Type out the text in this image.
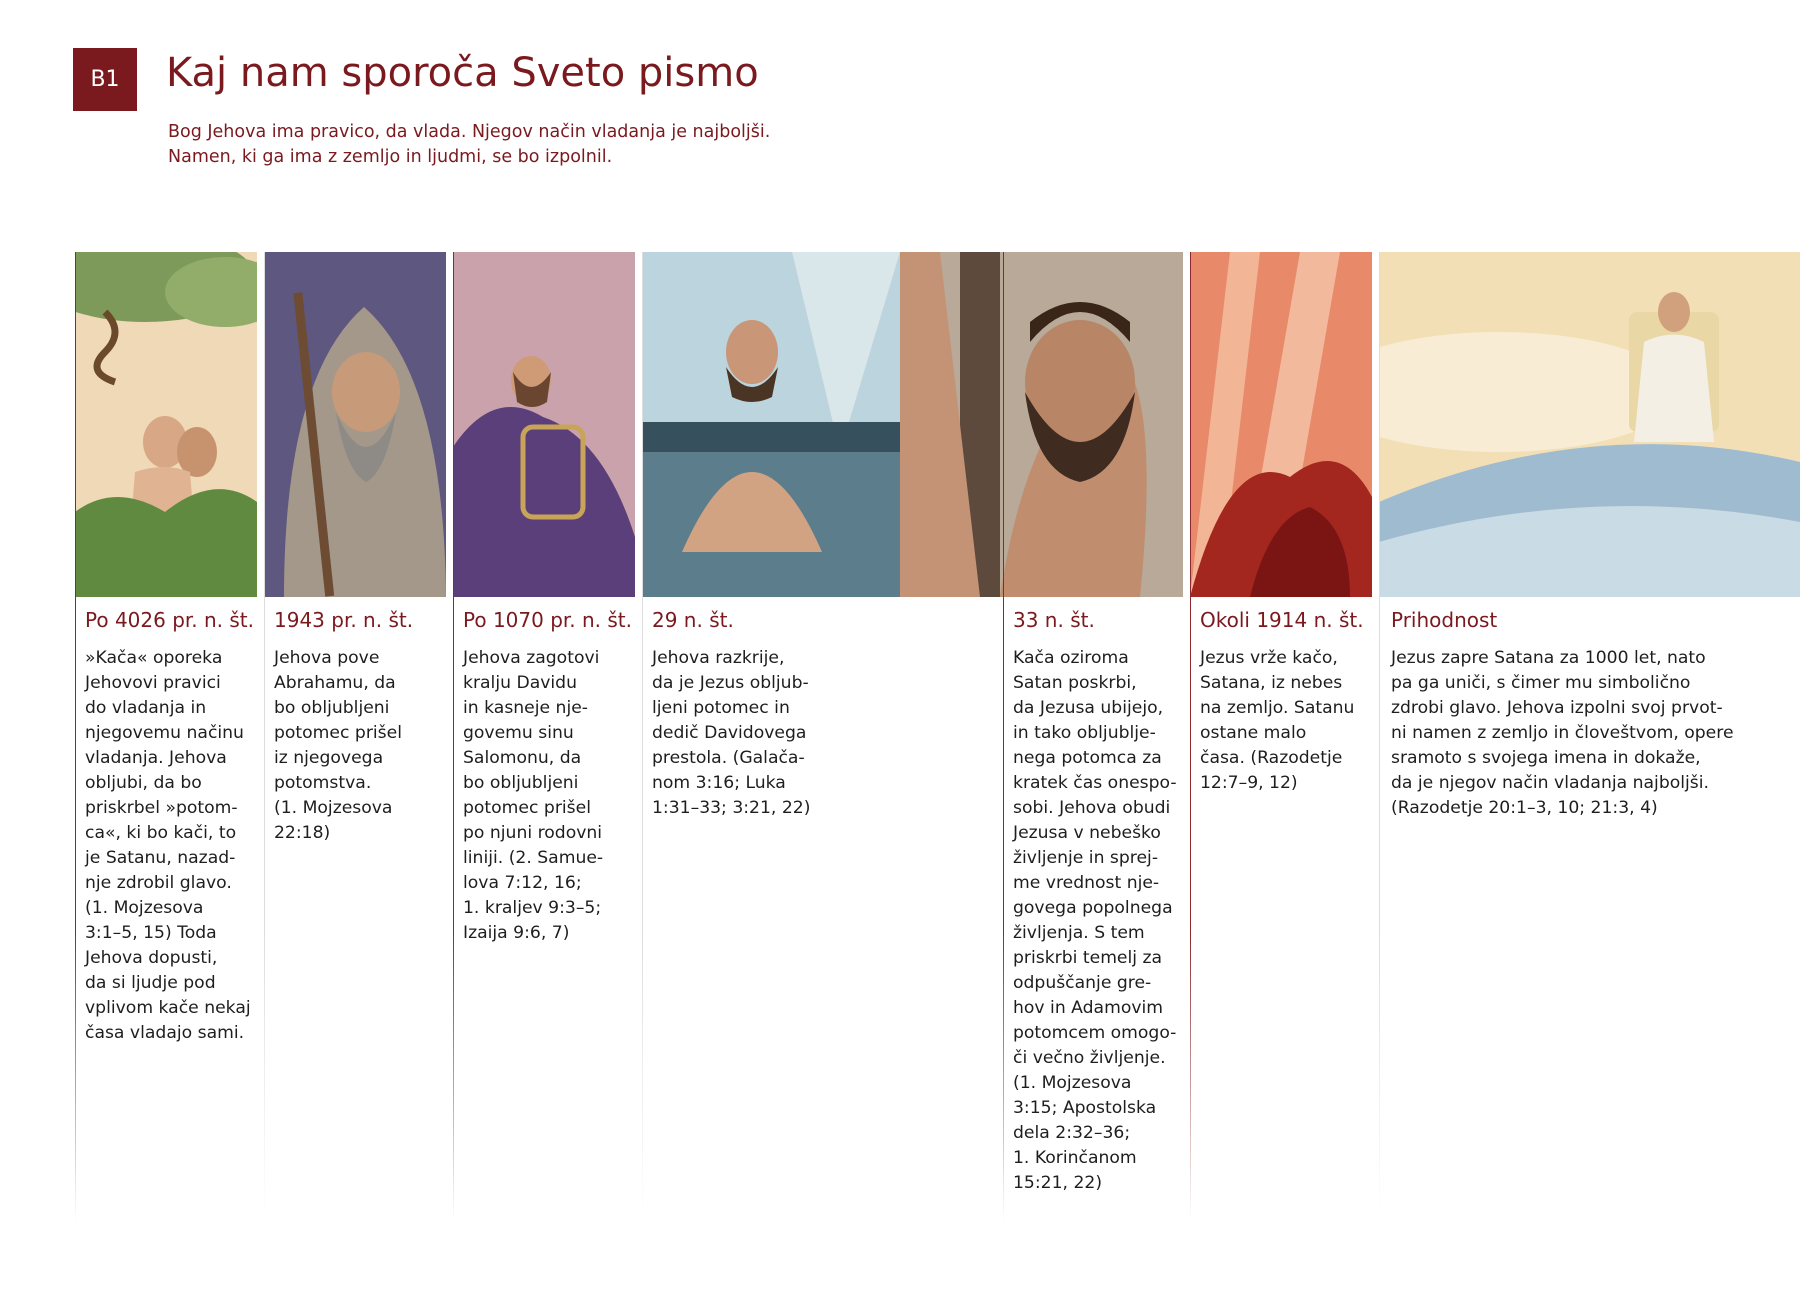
B1	Kaj nam sporoča Sveto pismo

Bog Jehova ima pravico, da vlada. Njegov način vladanja je najboljši.
Namen, ki ga ima z zemljo in ljudmi, se bo izpolnil.

Po 4026 pr. n. št.

»Kača« oporeka
Jehovovi pravici
do vladanja in
njegovemu načinu
vladanja. Jehova
obljubi, da bo
priskrbel »potom-
ca«, ki bo kači, to
je Satanu, nazad-
nje zdrobil glavo.
(1. Mojzesova
3:1–5, 15) Toda
Jehova dopusti,
da si ljudje pod
vplivom kače nekaj
časa vladajo sami.

1943 pr. n. št.

Jehova pove
Abrahamu, da
bo obljubljeni
potomec prišel
iz njegovega
potomstva.
(1. Mojzesova
22:18)

Po 1070 pr. n. št.

Jehova zagotovi
kralju Davidu
in kasneje nje-
govemu sinu
Salomonu, da
bo obljubljeni
potomec prišel
po njuni rodovni
liniji. (2. Samue-
lova 7:12, 16;
1. kraljev 9:3–5;
Izaija 9:6, 7)

29 n. št.

Jehova razkrije,
da je Jezus obljub-
ljeni potomec in
dedič Davidovega
prestola. (Galača-
nom 3:16; Luka
1:31–33; 3:21, 22)

33 n. št.

Kača oziroma
Satan poskrbi,
da Jezusa ubijejo,
in tako obljublje-
nega potomca za
kratek čas onespo-
sobi. Jehova obudi
Jezusa v nebeško
življenje in sprej-
me vrednost nje-
govega popolnega
življenja. S tem
priskrbi temelj za
odpuščanje gre-
hov in Adamovim
potomcem omogo-
či večno življenje.
(1. Mojzesova
3:15; Apostolska
dela 2:32–36;
1. Korinčanom
15:21, 22)

Okoli 1914 n. št.

Jezus vrže kačo,
Satana, iz nebes
na zemljo. Satanu
ostane malo
časa. (Razodetje
12:7–9, 12)

Prihodnost

Jezus zapre Satana za 1000 let, nato
pa ga uniči, s čimer mu simbolično
zdrobi glavo. Jehova izpolni svoj prvot-
ni namen z zemljo in človeštvom, opere
sramoto s svojega imena in dokaže,
da je njegov način vladanja najboljši.
(Razodetje 20:1–3, 10; 21:3, 4)
